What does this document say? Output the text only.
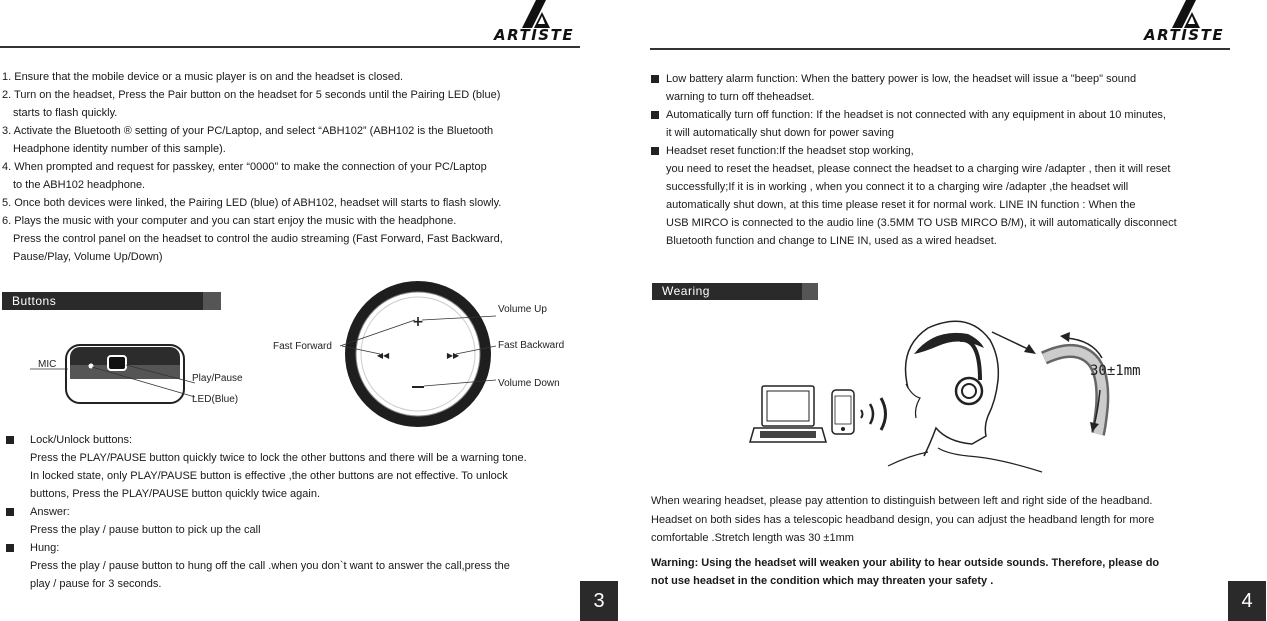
ARTISTE
1. Ensure that the mobile device or a music player is on and the headset is closed.
2. Turn on the headset, Press the Pair button on the headset for 5 seconds until the Pairing LED (blue)
starts to flash quickly.
3. Activate the Bluetooth ® setting of your PC/Laptop, and select “ABH102” (ABH102 is the Bluetooth
Headphone identity number of this sample).
4. When prompted and request for passkey, enter “0000” to make the connection of your PC/Laptop
to the ABH102 headphone.
5. Once both devices were linked, the Pairing LED (blue) of ABH102, headset will starts to flash slowly.
6. Plays the music with your computer and you can start enjoy the music with the headphone.
Press the control panel on the headset to control the audio streaming (Fast Forward, Fast Backward,
Pause/Play, Volume Up/Down)
Buttons
MIC
Play/Pause
LED(Blue)
+
◀◀	▶▶
Volume Up
Fast Forward	Fast Backward
Volume Down
Lock/Unlock buttons:
Press the PLAY/PAUSE button quickly twice to lock the other buttons and there will be a warning tone.
In locked state, only PLAY/PAUSE button is effective ,the other buttons are not effective. To unlock
buttons, Press the PLAY/PAUSE button quickly twice again.
Answer:
Press the play / pause button to pick up the call
Hung:
Press the play / pause button to hung off the call .when you don`t want to answer the call,press the
play / pause for 3 seconds.
3
ARTISTE
Low battery alarm function: When the battery power is low, the headset will issue a "beep" sound
warning to turn off theheadset.
Automatically turn off function: If the headset is not connected with any equipment in about 10 minutes,
it will automatically shut down for power saving
Headset reset function:If the headset stop working,
you need to reset the headset, please connect the headset to a charging wire /adapter , then it will reset
successfully;If it is in working , when you connect it to a charging wire /adapter ,the headset will
automatically shut down, at this time please reset it for normal work. LINE IN function : When the
USB MIRCO is connected to the audio line (3.5MM TO USB MIRCO B/M), it will automatically disconnect
Bluetooth function and change to LINE IN, used as a wired headset.
Wearing
30±1mm
When wearing headset, please pay attention to distinguish between left and right side of the headband.
Headset on both sides has a telescopic headband design, you can adjust the headband length for more
comfortable .Stretch length was 30 ±1mm
Warning: Using the headset will weaken your ability to hear outside sounds. Therefore, please do
not use headset in the condition which may threaten your safety .
4
